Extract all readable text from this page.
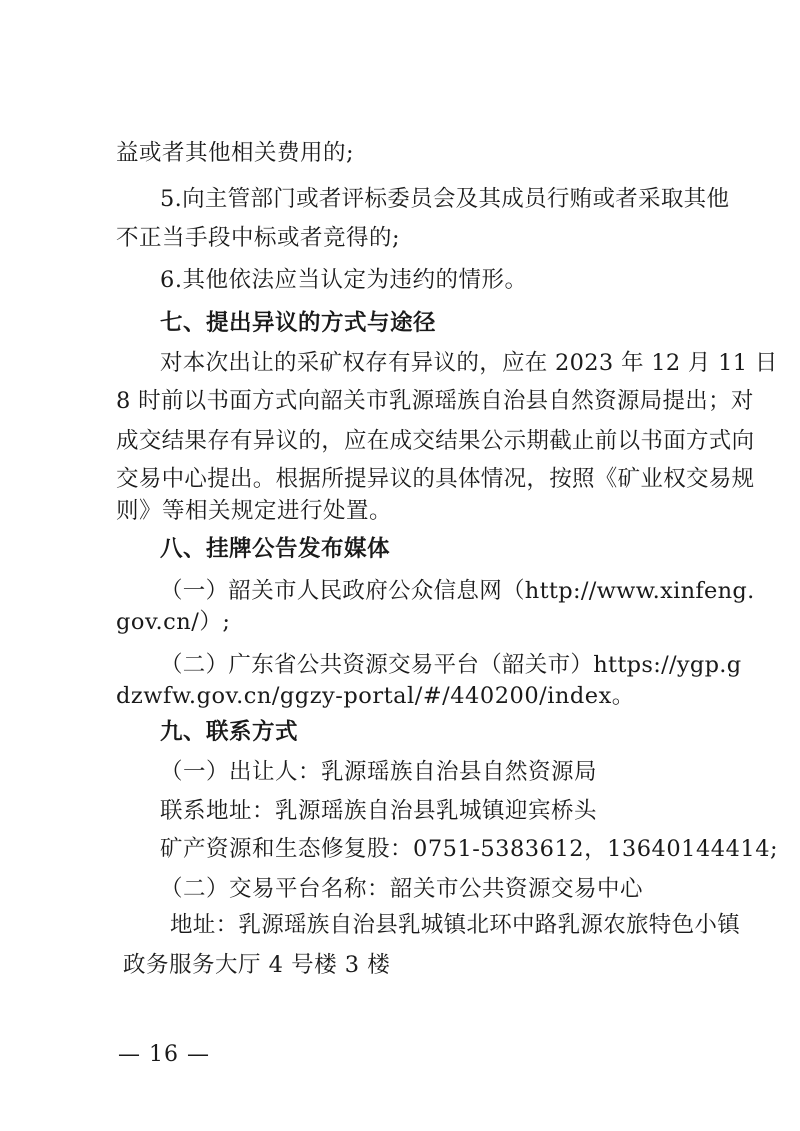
益或者其他相关费用的;
5.向主管部门或者评标委员会及其成员行贿或者采取其他
不正当手段中标或者竞得的;
6.其他依法应当认定为违约的情形。
七、提出异议的方式与途径
对本次出让的采矿权存有异议的，应在 2023 年 12 月 11 日
8 时前以书面方式向韶关市乳源瑶族自治县自然资源局提出；对
成交结果存有异议的，应在成交结果公示期截止前以书面方式向
交易中心提出。根据所提异议的具体情况，按照《矿业权交易规
则》等相关规定进行处置。
八、挂牌公告发布媒体
（一）韶关市人民政府公众信息网（http://www.xinfeng.
gov.cn/）;
（二）广东省公共资源交易平台（韶关市）https://ygp.g
dzwfw.gov.cn/ggzy-portal/#/440200/index。
九、联系方式
（一）出让人：乳源瑶族自治县自然资源局
联系地址：乳源瑶族自治县乳城镇迎宾桥头
矿产资源和生态修复股：0751-5383612，13640144414;
（二）交易平台名称：韶关市公共资源交易中心
地址：乳源瑶族自治县乳城镇北环中路乳源农旅特色小镇
政务服务大厅 4 号楼 3 楼
— 16 —
